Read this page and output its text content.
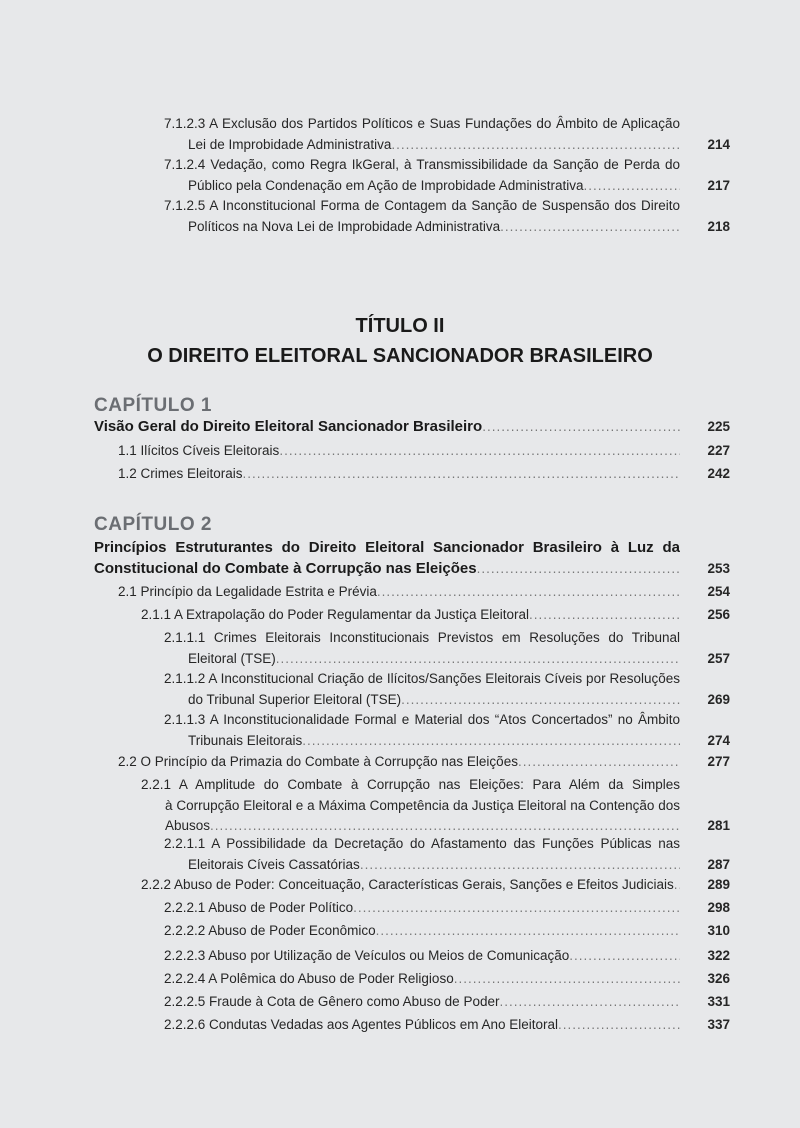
7.1.2.3 A Exclusão dos Partidos Políticos e Suas Fundações do Âmbito de Aplicação
Lei de Improbidade Administrativa .....	214
7.1.2.4 Vedação, como Regra IkGeral, à Transmissibilidade da Sanção de Perda do
Público pela Condenação em Ação de Improbidade Administrativa .....	217
7.1.2.5 A Inconstitucional Forma de Contagem da Sanção de Suspensão dos Direito
Políticos na Nova Lei de Improbidade Administrativa .....	218
TÍTULO II
O DIREITO ELEITORAL SANCIONADOR BRASILEIRO
CAPÍTULO 1
Visão Geral do Direito Eleitoral Sancionador Brasileiro .....	225
1.1 Ilícitos Cíveis Eleitorais .....	227
1.2 Crimes Eleitorais .....	242
CAPÍTULO 2
Princípios Estruturantes do Direito Eleitoral Sancionador Brasileiro à Luz da
Constitucional do Combate à Corrupção nas Eleições .....	253
2.1 Princípio da Legalidade Estrita e Prévia .....	254
2.1.1 A Extrapolação do Poder Regulamentar da Justiça Eleitoral .....	256
2.1.1.1 Crimes Eleitorais Inconstitucionais Previstos em Resoluções do Tribunal
Eleitoral (TSE) .....	257
2.1.1.2 A Inconstitucional Criação de Ilícitos/Sanções Eleitorais Cíveis por Resoluções
do Tribunal Superior Eleitoral (TSE) .....	269
2.1.1.3 A Inconstitucionalidade Formal e Material dos “Atos Concertados” no Âmbito
Tribunais Eleitorais .....	274
2.2 O Princípio da Primazia do Combate à Corrupção nas Eleições .....	277
2.2.1 A Amplitude do Combate à Corrupção nas Eleições: Para Além da Simples
à Corrupção Eleitoral e a Máxima Competência da Justiça Eleitoral na Contenção dos
Abusos .....	281
2.2.1.1 A Possibilidade da Decretação do Afastamento das Funções Públicas nas
Eleitorais Cíveis Cassatórias .....	287
2.2.2 Abuso de Poder: Conceituação, Características Gerais, Sanções e Efeitos Judiciais .....	289
2.2.2.1 Abuso de Poder Político .....	298
2.2.2.2 Abuso de Poder Econômico .....	310
2.2.2.3 Abuso por Utilização de Veículos ou Meios de Comunicação .....	322
2.2.2.4 A Polêmica do Abuso de Poder Religioso .....	326
2.2.2.5 Fraude à Cota de Gênero como Abuso de Poder .....	331
2.2.2.6 Condutas Vedadas aos Agentes Públicos em Ano Eleitoral .....	337
